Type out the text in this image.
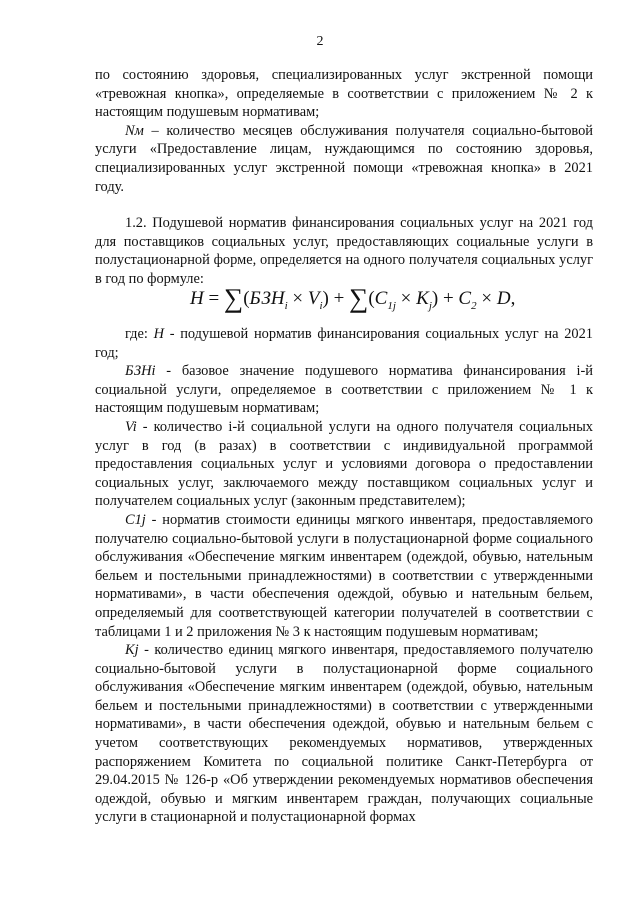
2

по состоянию здоровья, специализированных услуг экстренной помощи «тревожная кнопка», определяемые в соответствии с приложением № 2 к настоящим подушевым нормативам;

Nм – количество месяцев обслуживания получателя социально-бытовой услуги «Предоставление лицам, нуждающимся по состоянию здоровья, специализированных услуг экстренной помощи «тревожная кнопка» в 2021 году.

1.2. Подушевой норматив финансирования социальных услуг на 2021 год для поставщиков социальных услуг, предоставляющих социальные услуги в полустационарной форме, определяется на одного получателя социальных услуг в год по формуле:

$H = \sum(БЗН_i \times V_i) + \sum(C_{1j} \times K_j) + C_2 \times D$,

где: Н - подушевой норматив финансирования социальных услуг на 2021 год;

БЗНi - базовое значение подушевого норматива финансирования i-й социальной услуги, определяемое в соответствии с приложением № 1 к настоящим подушевым нормативам;

Vi - количество i-й социальной услуги на одного получателя социальных услуг в год (в разах) в соответствии с индивидуальной программой предоставления социальных услуг и условиями договора о предоставлении социальных услуг, заключаемого между поставщиком социальных услуг и получателем социальных услуг (законным представителем);

C1j - норматив стоимости единицы мягкого инвентаря, предоставляемого получателю социально-бытовой услуги в полустационарной форме социального обслуживания «Обеспечение мягким инвентарем (одеждой, обувью, нательным бельем и постельными принадлежностями) в соответствии с утвержденными нормативами», в части обеспечения одеждой, обувью и нательным бельем, определяемый для соответствующей категории получателей в соответствии с таблицами 1 и 2 приложения № 3 к настоящим подушевым нормативам;

Kj - количество единиц мягкого инвентаря, предоставляемого получателю социально-бытовой услуги в полустационарной форме социального обслуживания «Обеспечение мягким инвентарем (одеждой, обувью, нательным бельем и постельными принадлежностями) в соответствии с утвержденными нормативами», в части обеспечения одеждой, обувью и нательным бельем с учетом соответствующих рекомендуемых нормативов, утвержденных распоряжением Комитета по социальной политике Санкт-Петербурга от 29.04.2015 № 126-р «Об утверждении рекомендуемых нормативов обеспечения одеждой, обувью и мягким инвентарем граждан, получающих социальные услуги в стационарной и полустационарной формах
